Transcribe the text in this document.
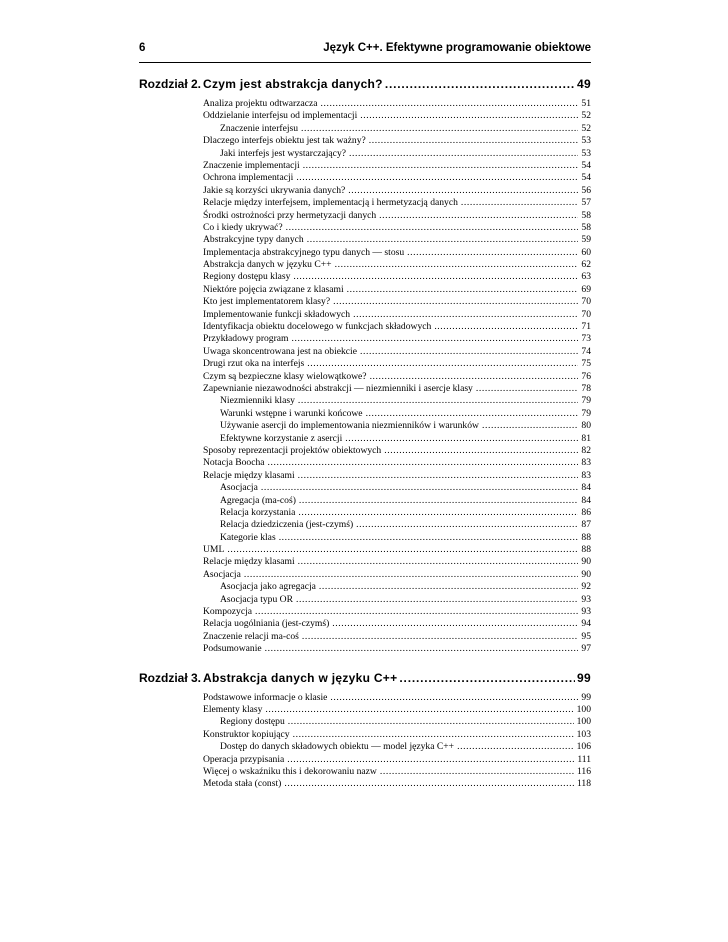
6	Język C++. Efektywne programowanie obiektowe
Rozdział 2. Czym jest abstrakcja danych? .....	49
Analiza projektu odtwarzacza .....	51
Oddzielanie interfejsu od implementacji .....	52
Znaczenie interfejsu .....	52
Dlaczego interfejs obiektu jest tak ważny? .....	53
Jaki interfejs jest wystarczający? .....	53
Znaczenie implementacji .....	54
Ochrona implementacji .....	54
Jakie są korzyści ukrywania danych? .....	56
Relacje między interfejsem, implementacją i hermetyzacją danych .....	57
Środki ostrożności przy hermetyzacji danych .....	58
Co i kiedy ukrywać? .....	58
Abstrakcyjne typy danych .....	59
Implementacja abstrakcyjnego typu danych — stosu .....	60
Abstrakcja danych w języku C++ .....	62
Regiony dostępu klasy .....	63
Niektóre pojęcia związane z klasami .....	69
Kto jest implementatorem klasy? .....	70
Implementowanie funkcji składowych .....	70
Identyfikacja obiektu docelowego w funkcjach składowych .....	71
Przykładowy program .....	73
Uwaga skoncentrowana jest na obiekcie .....	74
Drugi rzut oka na interfejs .....	75
Czym są bezpieczne klasy wielowątkowe? .....	76
Zapewnianie niezawodności abstrakcji — niezmienniki i asercje klasy .....	78
Niezmienniki klasy .....	79
Warunki wstępne i warunki końcowe .....	79
Używanie asercji do implementowania niezmienników i warunków .....	80
Efektywne korzystanie z asercji .....	81
Sposoby reprezentacji projektów obiektowych .....	82
Notacja Boocha .....	83
Relacje między klasami .....	83
Asocjacja .....	84
Agregacja (ma-coś) .....	84
Relacja korzystania .....	86
Relacja dziedziczenia (jest-czymś) .....	87
Kategorie klas .....	88
UML .....	88
Relacje między klasami .....	90
Asocjacja .....	90
Asocjacja jako agregacja .....	92
Asocjacja typu OR .....	93
Kompozycja .....	93
Relacja uogólniania (jest-czymś) .....	94
Znaczenie relacji ma-coś .....	95
Podsumowanie .....	97
Rozdział 3. Abstrakcja danych w języku C++ .....	99
Podstawowe informacje o klasie .....	99
Elementy klasy .....	100
Regiony dostępu .....	100
Konstruktor kopiujący .....	103
Dostęp do danych składowych obiektu — model języka C++ .....	106
Operacja przypisania .....	111
Więcej o wskaźniku this i dekorowaniu nazw .....	116
Metoda stała (const) .....	118
